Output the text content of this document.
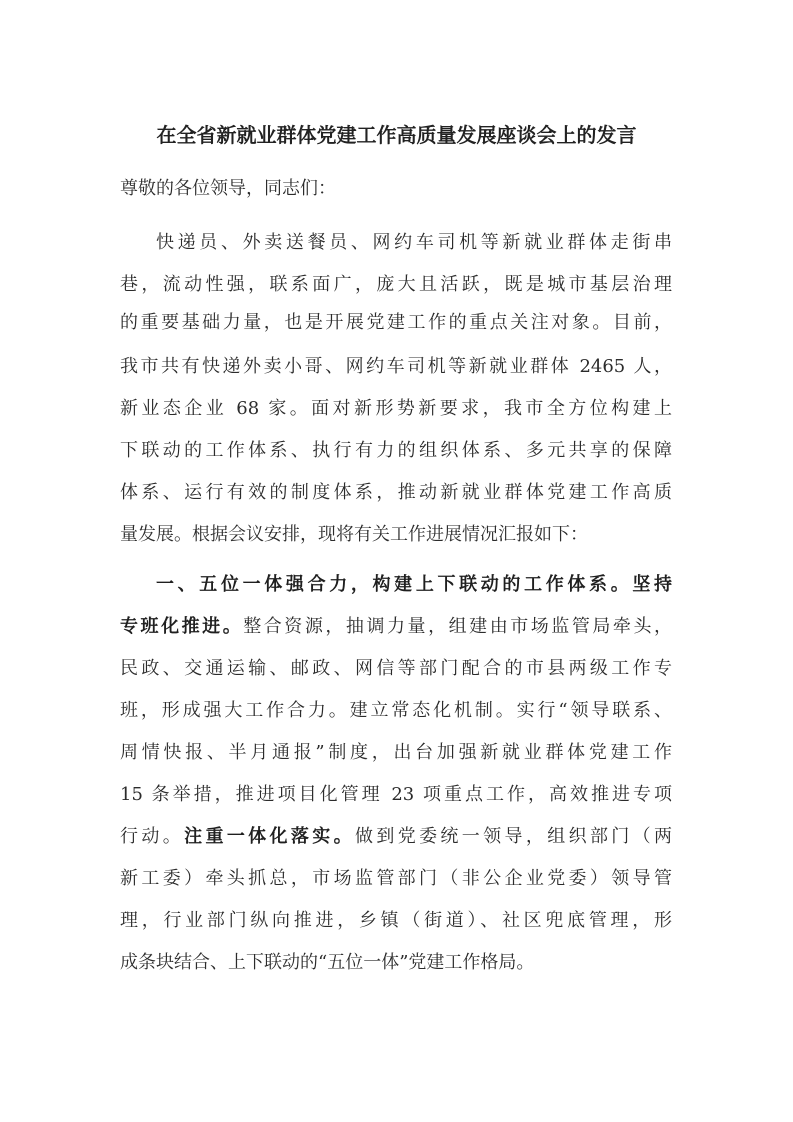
在全省新就业群体党建工作高质量发展座谈会上的发言
尊敬的各位领导，同志们：
快递员、外卖送餐员、网约车司机等新就业群体走街串
巷，流动性强，联系面广，庞大且活跃，既是城市基层治理
的重要基础力量，也是开展党建工作的重点关注对象。目前，
我市共有快递外卖小哥、网约车司机等新就业群体 2465 人，
新业态企业 68 家。面对新形势新要求，我市全方位构建上
下联动的工作体系、执行有力的组织体系、多元共享的保障
体系、运行有效的制度体系，推动新就业群体党建工作高质
量发展。根据会议安排，现将有关工作进展情况汇报如下：
一、五位一体强合力，构建上下联动的工作体系。坚持
专班化推进。整合资源，抽调力量，组建由市场监管局牵头，
民政、交通运输、邮政、网信等部门配合的市县两级工作专
班，形成强大工作合力。建立常态化机制。实行“领导联系、
周情快报、半月通报”制度，出台加强新就业群体党建工作
15 条举措，推进项目化管理 23 项重点工作，高效推进专项
行动。注重一体化落实。做到党委统一领导，组织部门（两
新工委）牵头抓总，市场监管部门（非公企业党委）领导管
理，行业部门纵向推进，乡镇（街道）、社区兜底管理，形
成条块结合、上下联动的“五位一体”党建工作格局。
